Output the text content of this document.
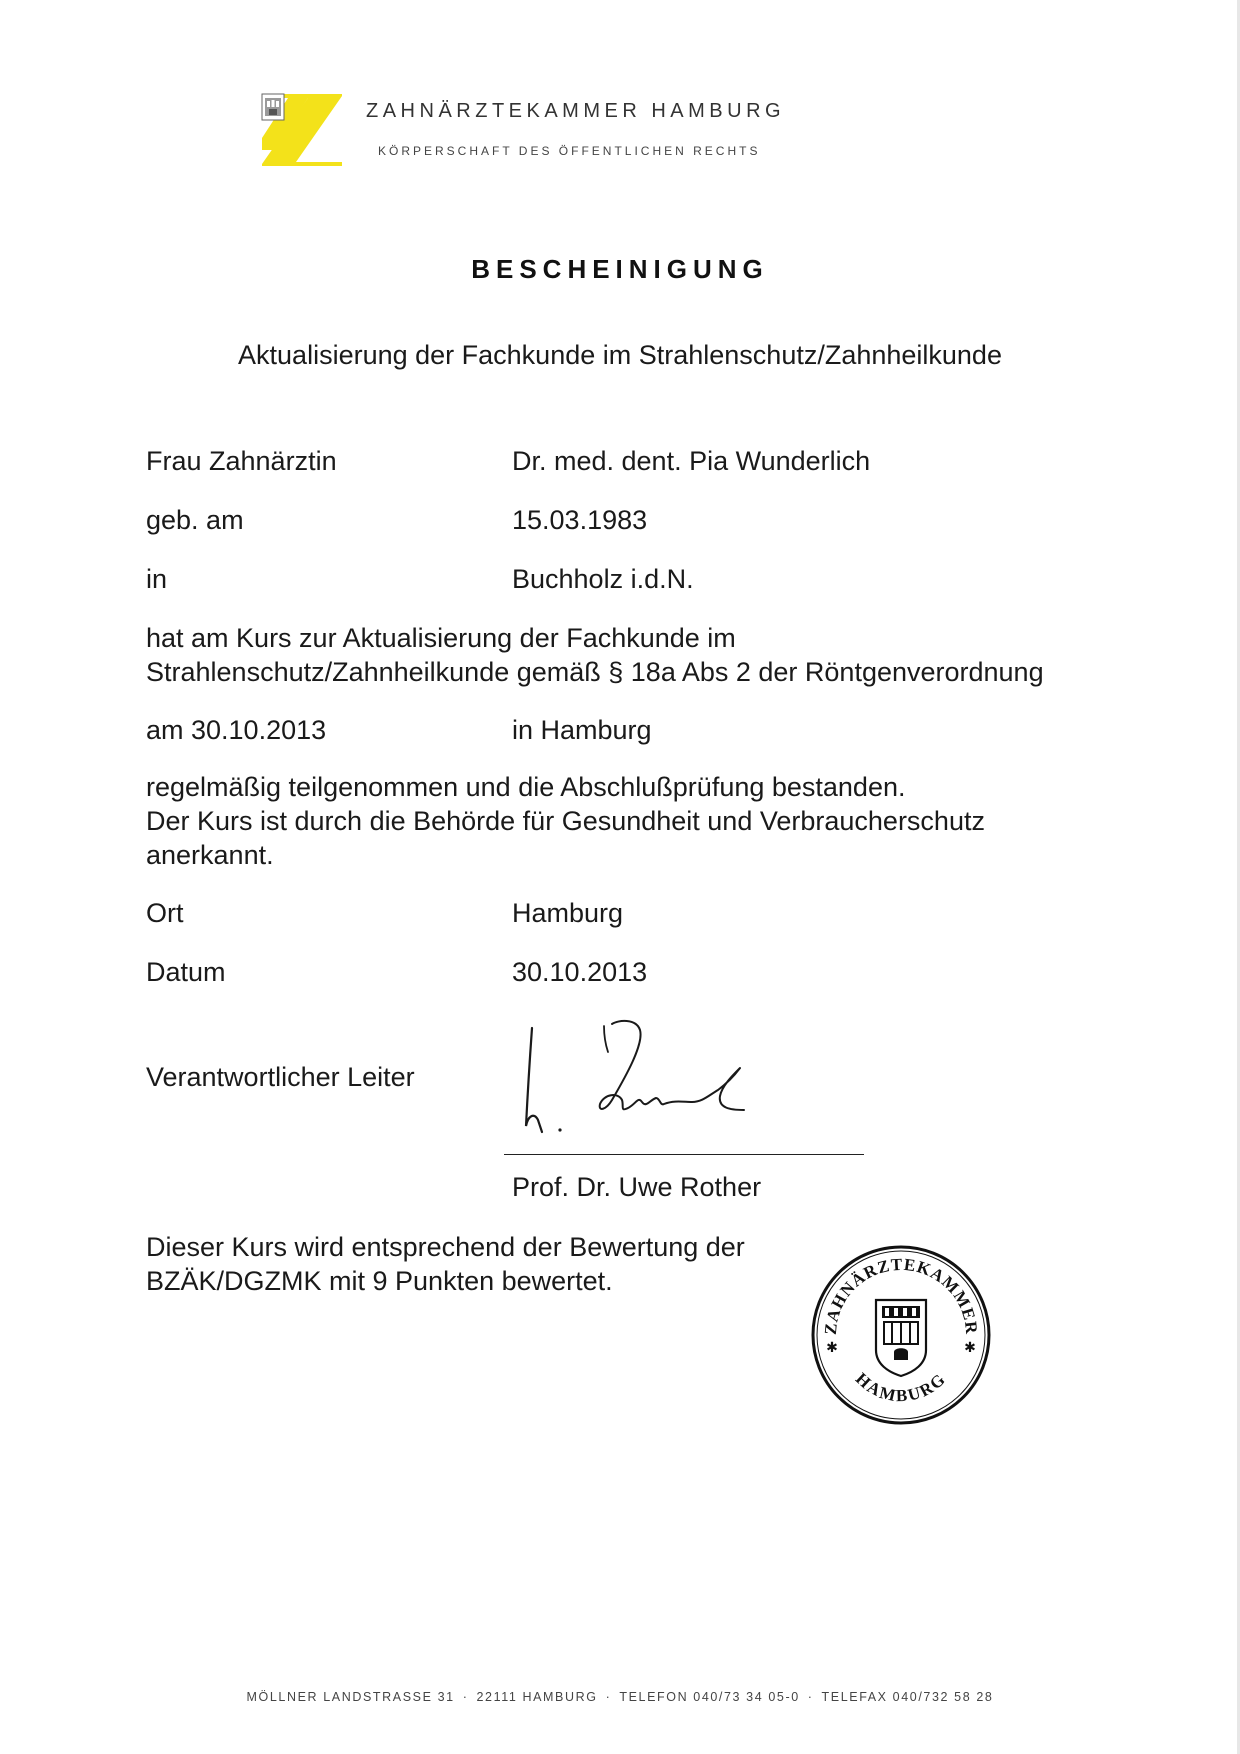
ZAHNÄRZTEKAMMER HAMBURG
KÖRPERSCHAFT DES ÖFFENTLICHEN RECHTS
BESCHEINIGUNG
Aktualisierung der Fachkunde im Strahlenschutz/Zahnheilkunde
Frau Zahnärztin	Dr. med. dent. Pia Wunderlich
geb. am	15.03.1983
in	Buchholz i.d.N.
hat am Kurs zur Aktualisierung der Fachkunde im
Strahlenschutz/Zahnheilkunde gemäß § 18a Abs 2 der Röntgenverordnung
am 30.10.2013	in Hamburg
regelmäßig teilgenommen und die Abschlußprüfung bestanden.
Der Kurs ist durch die Behörde für Gesundheit und Verbraucherschutz
anerkannt.
Ort	Hamburg
Datum	30.10.2013
Verantwortlicher Leiter
Prof. Dr. Uwe Rother
Dieser Kurs wird entsprechend der Bewertung der
BZÄK/DGZMK mit 9 Punkten bewertet.
ZAHNÄRZTEKAMMER
HAMBURG
✱	✱
MÖLLNER LANDSTRASSE 31 · 22111 HAMBURG · TELEFON 040/73 34 05-0 · TELEFAX 040/732 58 28
